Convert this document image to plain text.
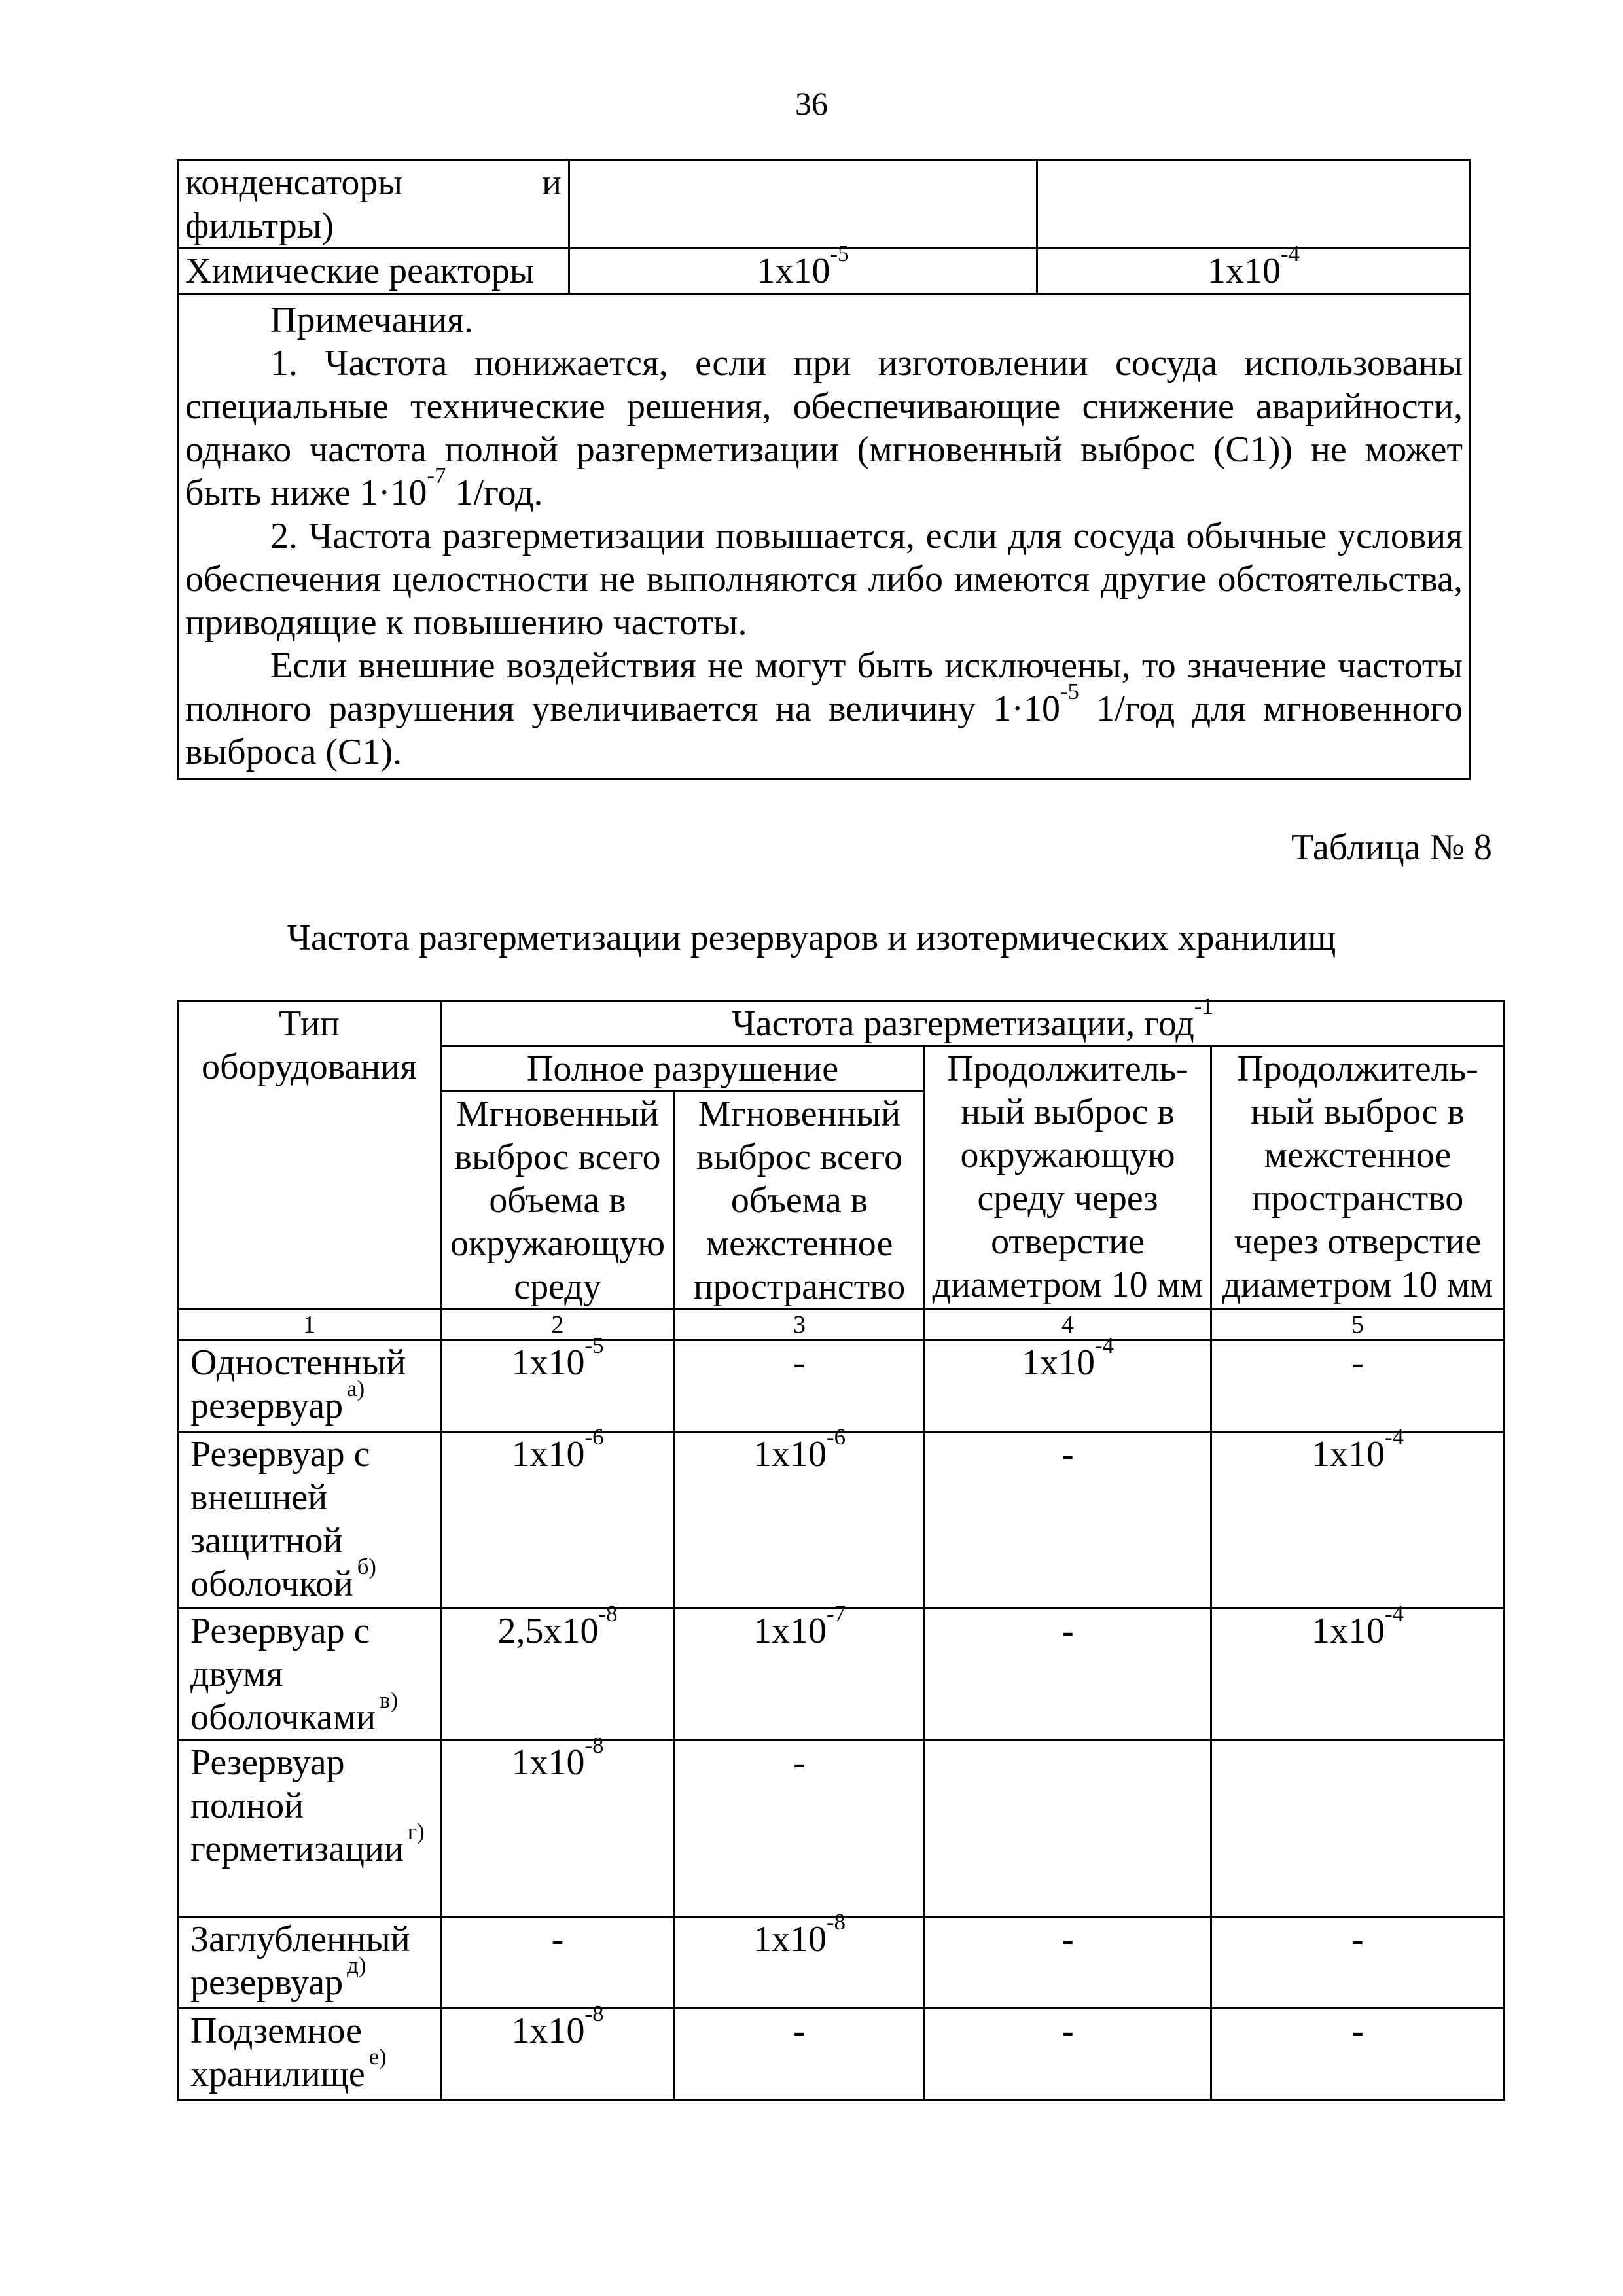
36
конденсаторы и
фильтры)		

Химические реакторы	$1x10^{-5}$	$1x10^{-4}$

Примечания.

1. Частота понижается, если при изготовлении сосуда использованы специальные технические решения, обеспечивающие снижение аварийности, однако частота полной разгерметизации (мгновенный выброс (С1)) не может быть ниже $1\cdot 10^{-7}$ 1/год.

2. Частота разгерметизации повышается, если для сосуда обычные условия обеспечения целостности не выполняются либо имеются другие обстоятельства, приводящие к повышению частоты.

Если внешние воздействия не могут быть исключены, то значение частоты полного разрушения увеличивается на величину $1\cdot 10^{-5}$ 1/год для мгновенного выброса (С1).		

Таблица № 8
Частота разгерметизации резервуаров и изотермических хранилищ
Тип оборудования	Частота разгерметизации, год$^{-1}$
	Полное разрушение		Продолжитель-ный выброс в окружающую среду через отверстие диаметром 10 мм	Продолжитель-ный выброс в межстенное пространство через отверстие диаметром 10 мм
	Мгновенный выброс всего объема в окружающую среду	Мгновенный выброс всего объема в межстенное пространство		
1	2	3	4	5
Одностенный резервуар $^{а)}$	$1x10^{-5}$	-	$1x10^{-4}$	-
Резервуар с внешней защитной оболочкой $^{б)}$	$1x10^{-6}$	$1x10^{-6}$	-	$1x10^{-4}$
Резервуар с двумя оболочками $^{в)}$	$2,5x10^{-8}$	$1x10^{-7}$	-	$1x10^{-4}$
Резервуар полной герметизации $^{г)}$	$1x10^{-8}$	-		
Заглубленный резервуар $^{д)}$	-	$1x10^{-8}$	-	-
Подземное хранилище $^{е)}$	$1x10^{-8}$	-	-	-
